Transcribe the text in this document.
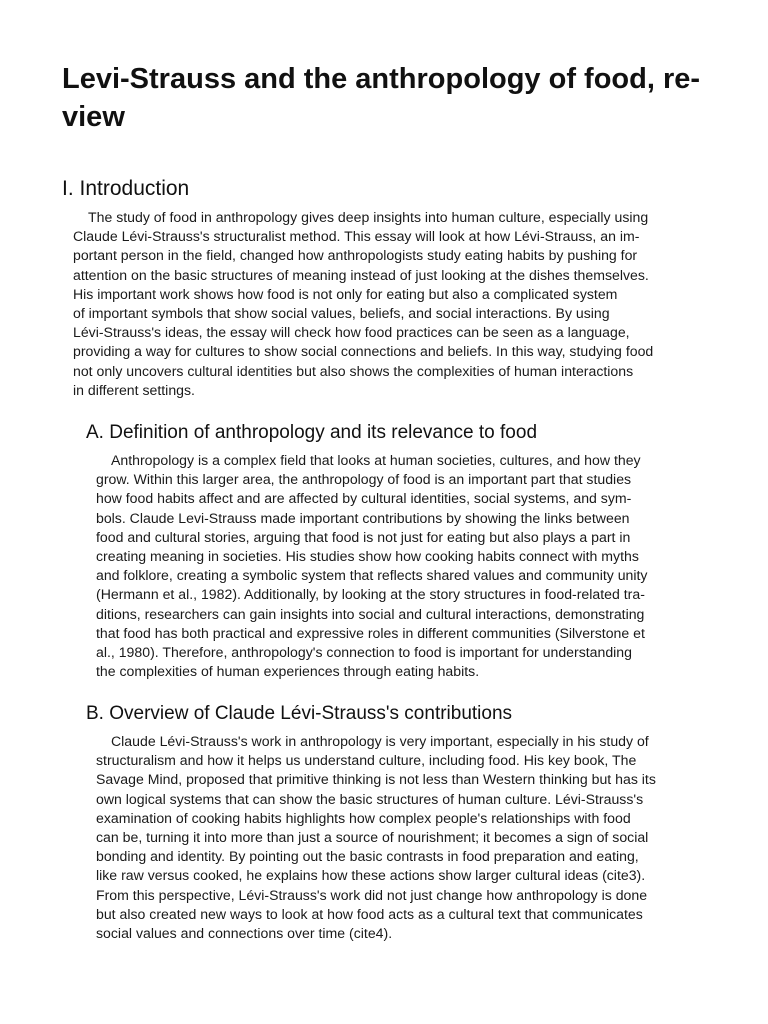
Levi-Strauss and the anthropology of food, re-
view
I. Introduction

The study of food in anthropology gives deep insights into human culture, especially using
Claude Lévi-Strauss's structuralist method. This essay will look at how Lévi-Strauss, an im-
portant person in the field, changed how anthropologists study eating habits by pushing for
attention on the basic structures of meaning instead of just looking at the dishes themselves.
His important work shows how food is not only for eating but also a complicated system
of important symbols that show social values, beliefs, and social interactions. By using
Lévi-Strauss's ideas, the essay will check how food practices can be seen as a language,
providing a way for cultures to show social connections and beliefs. In this way, studying food
not only uncovers cultural identities but also shows the complexities of human interactions
in different settings.

A. Definition of anthropology and its relevance to food

Anthropology is a complex field that looks at human societies, cultures, and how they
grow. Within this larger area, the anthropology of food is an important part that studies
how food habits affect and are affected by cultural identities, social systems, and sym-
bols. Claude Levi-Strauss made important contributions by showing the links between
food and cultural stories, arguing that food is not just for eating but also plays a part in
creating meaning in societies. His studies show how cooking habits connect with myths
and folklore, creating a symbolic system that reflects shared values and community unity
(Hermann et al., 1982). Additionally, by looking at the story structures in food-related tra-
ditions, researchers can gain insights into social and cultural interactions, demonstrating
that food has both practical and expressive roles in different communities (Silverstone et
al., 1980). Therefore, anthropology's connection to food is important for understanding
the complexities of human experiences through eating habits.

B. Overview of Claude Lévi-Strauss's contributions

Claude Lévi-Strauss's work in anthropology is very important, especially in his study of
structuralism and how it helps us understand culture, including food. His key book, The
Savage Mind, proposed that primitive thinking is not less than Western thinking but has its
own logical systems that can show the basic structures of human culture. Lévi-Strauss's
examination of cooking habits highlights how complex people's relationships with food
can be, turning it into more than just a source of nourishment; it becomes a sign of social
bonding and identity. By pointing out the basic contrasts in food preparation and eating,
like raw versus cooked, he explains how these actions show larger cultural ideas (cite3).
From this perspective, Lévi-Strauss's work did not just change how anthropology is done
but also created new ways to look at how food acts as a cultural text that communicates
social values and connections over time (cite4).
